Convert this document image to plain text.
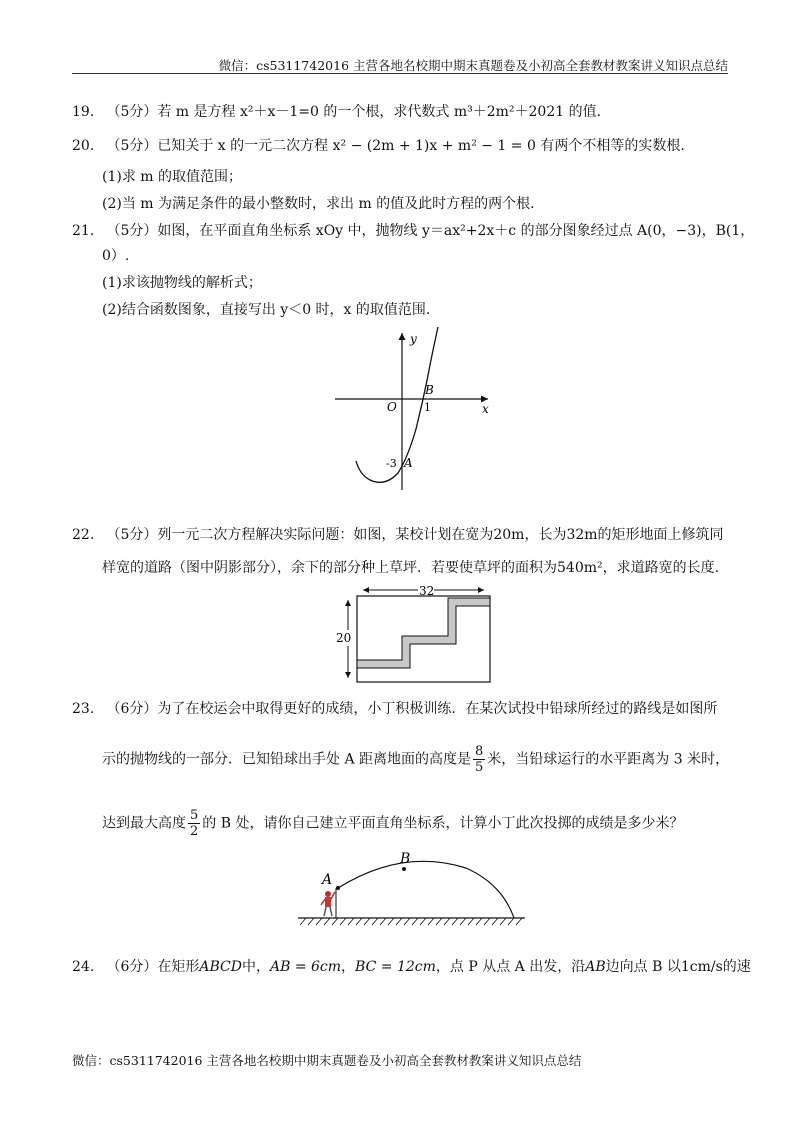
微信：cs5311742016 主营各地名校期中期末真题卷及小初高全套教材教案讲义知识点总结
19. （5分）若 m 是方程 x²＋x－1=0 的一个根，求代数式 m³＋2m²＋2021 的值.
20. （5分）已知关于 x 的一元二次方程 x² − (2m + 1)x + m² − 1 = 0 有两个不相等的实数根.
(1)求 m 的取值范围；
(2)当 m 为满足条件的最小整数时，求出 m 的值及此时方程的两个根.
21. （5分）如图，在平面直角坐标系 xOy 中，抛物线 y＝ax²+2x＋c 的部分图象经过点 A(0，−3)，B(1，
0）.
(1)求该抛物线的解析式；
(2)结合函数图象，直接写出 y＜0 时，x 的取值范围.
y
x
O
B
1
-3 A
22. （5分）列一元二次方程解决实际问题：如图，某校计划在宽为20m，长为32m的矩形地面上修筑同
样宽的道路（图中阴影部分），余下的部分种上草坪．若要使草坪的面积为540m²，求道路宽的长度.
32
20
23. （6分）为了在校运会中取得更好的成绩，小丁积极训练．在某次试投中铅球所经过的路线是如图所
示的抛物线的一部分．已知铅球出手处 A 距离地面的高度是 $\frac{8}{5}$ 米，当铅球运行的水平距离为 3 米时，
达到最大高度 $\frac{5}{2}$ 的 B 处，请你自己建立平面直角坐标系，计算小丁此次投掷的成绩是多少米？
A
B
24. （6分）在矩形ABCD中，AB = 6cm，BC = 12cm，点 P 从点 A 出发，沿AB边向点 B 以1cm/s的速
微信：cs5311742016 主营各地名校期中期末真题卷及小初高全套教材教案讲义知识点总结
